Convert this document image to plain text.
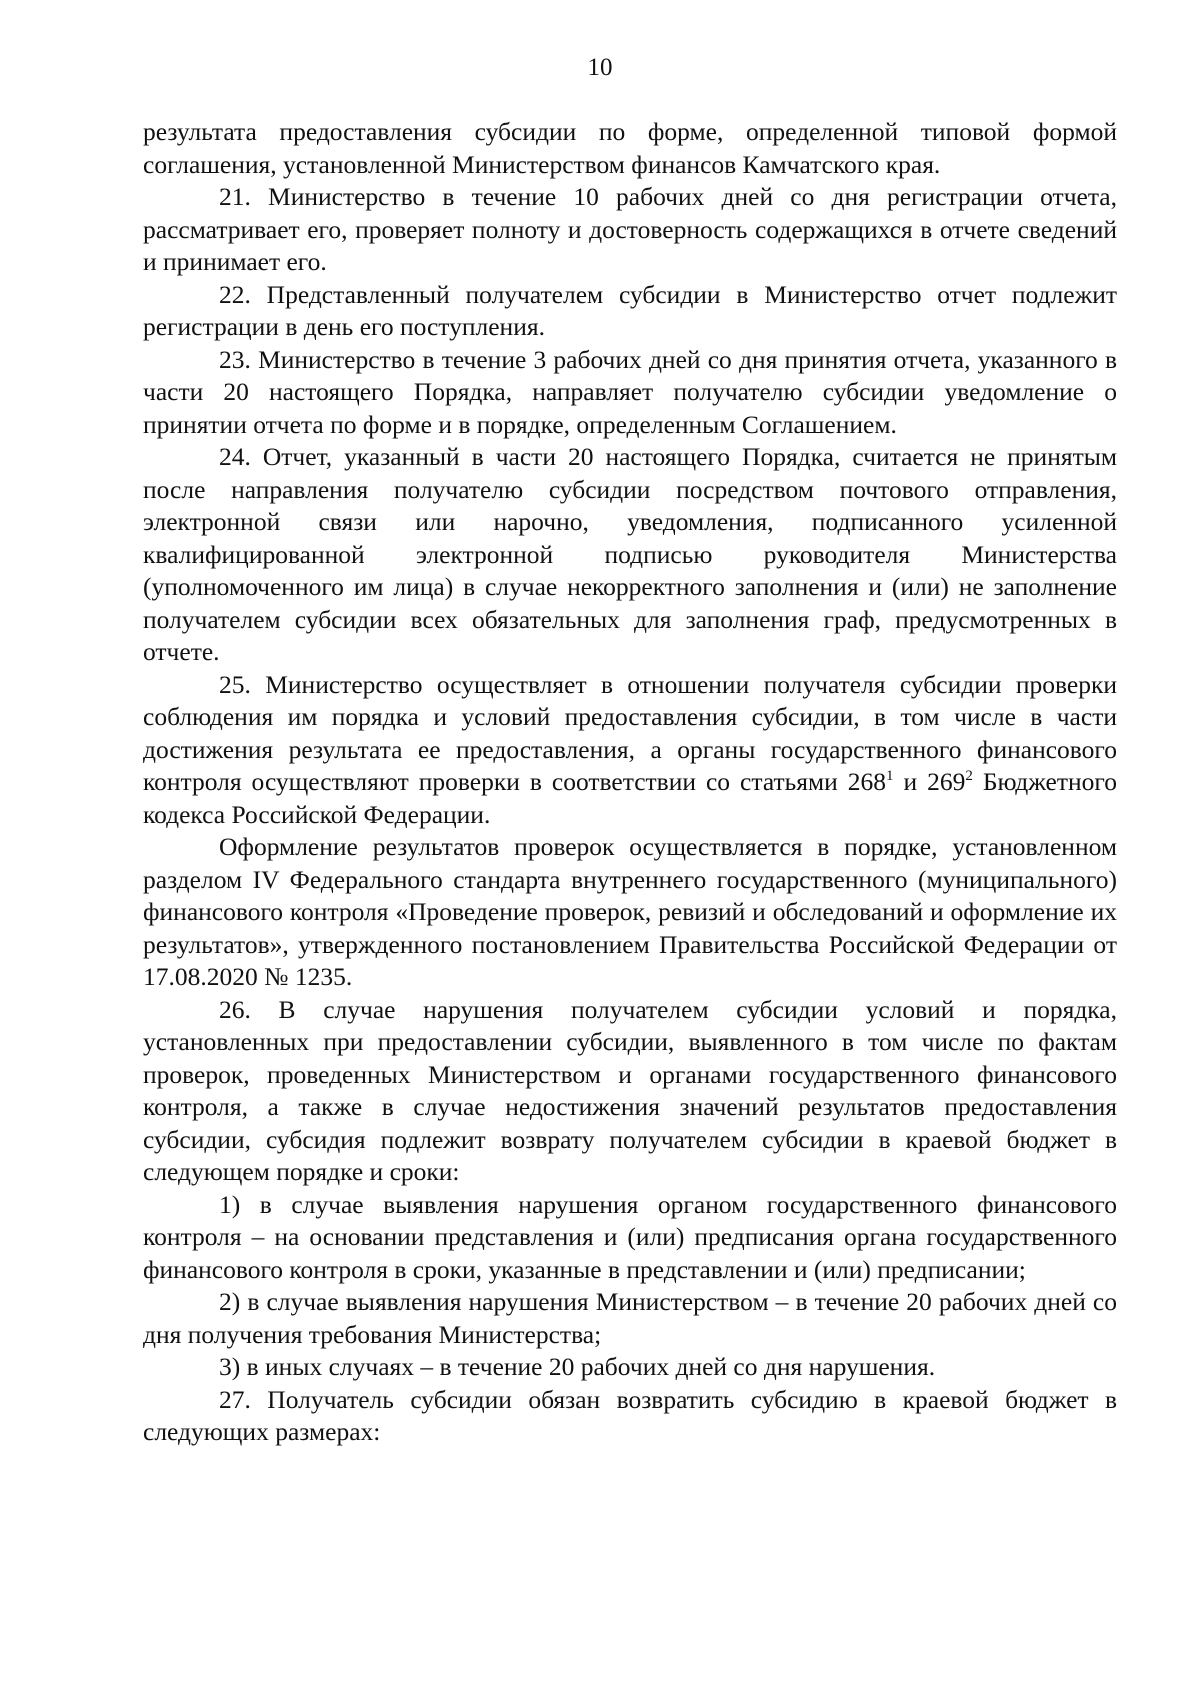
10

результата предоставления субсидии по форме, определенной типовой формой соглашения, установленной Министерством финансов Камчатского края.

21. Министерство в течение 10 рабочих дней со дня регистрации отчета, рассматривает его, проверяет полноту и достоверность содержащихся в отчете сведений и принимает его.

22. Представленный получателем субсидии в Министерство отчет подлежит регистрации в день его поступления.

23. Министерство в течение 3 рабочих дней со дня принятия отчета, указанного в части 20 настоящего Порядка, направляет получателю субсидии уведомление о принятии отчета по форме и в порядке, определенным Соглашением.

24. Отчет, указанный в части 20 настоящего Порядка, считается не принятым после направления получателю субсидии посредством почтового отправления, электронной связи или нарочно, уведомления, подписанного усиленной квалифицированной электронной подписью руководителя Министерства (уполномоченного им лица) в случае некорректного заполнения и (или) не заполнение получателем субсидии всех обязательных для заполнения граф, предусмотренных в отчете.

25. Министерство осуществляет в отношении получателя субсидии проверки соблюдения им порядка и условий предоставления субсидии, в том числе в части достижения результата ее предоставления, а органы государственного финансового контроля осуществляют проверки в соответствии со статьями $268^1$ и $269^2$ Бюджетного кодекса Российской Федерации.

Оформление результатов проверок осуществляется в порядке, установленном разделом IV Федерального стандарта внутреннего государственного (муниципального) финансового контроля «Проведение проверок, ревизий и обследований и оформление их результатов», утвержденного постановлением Правительства Российской Федерации от 17.08.2020 № 1235.

26. В случае нарушения получателем субсидии условий и порядка, установленных при предоставлении субсидии, выявленного в том числе по фактам проверок, проведенных Министерством и органами государственного финансового контроля, а также в случае недостижения значений результатов предоставления субсидии, субсидия подлежит возврату получателем субсидии в краевой бюджет в следующем порядке и сроки:

1) в случае выявления нарушения органом государственного финансового контроля – на основании представления и (или) предписания органа государственного финансового контроля в сроки, указанные в представлении и (или) предписании;

2) в случае выявления нарушения Министерством – в течение 20 рабочих дней со дня получения требования Министерства;

3) в иных случаях – в течение 20 рабочих дней со дня нарушения.

27. Получатель субсидии обязан возвратить субсидию в краевой бюджет в следующих размерах:
